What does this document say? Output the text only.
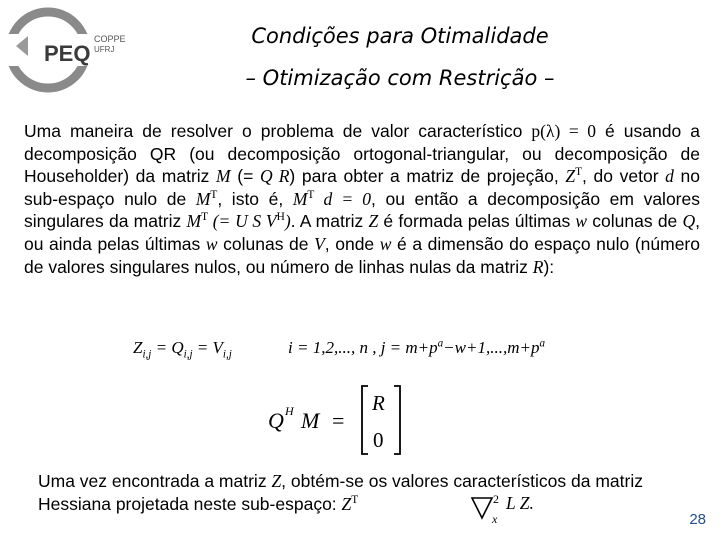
PEQ
COPPE
UFRJ
Condições para Otimalidade
– Otimização com Restrição –
Uma maneira de resolver o problema de valor característico p(λ) = 0 é usando a decomposição QR (ou decomposição ortogonal-triangular, ou decomposição de Householder) da matriz M (= Q R) para obter a matriz de projeção, $Z^T$, do vetor d no sub-espaço nulo de $M^T$, isto é, $M^T$ d = 0, ou então a decomposição em valores singulares da matriz $M^T$ (= U S $V^H$). A matriz Z é formada pelas últimas w colunas de Q, ou ainda pelas últimas w colunas de V, onde w é a dimensão do espaço nulo (número de valores singulares nulos, ou número de linhas nulas da matriz R):
$Z_{i,j} = Q_{i,j} = V_{i,j}$	i = 1,2,..., n , $j = m+p^a-w+1,...,m+p^a$
Q H M =
R
0
Uma vez encontrada a matriz Z, obtém-se os valores característicos da matriz Hessiana projetada neste sub-espaço: $Z^T$	2
x
L Z.
28
